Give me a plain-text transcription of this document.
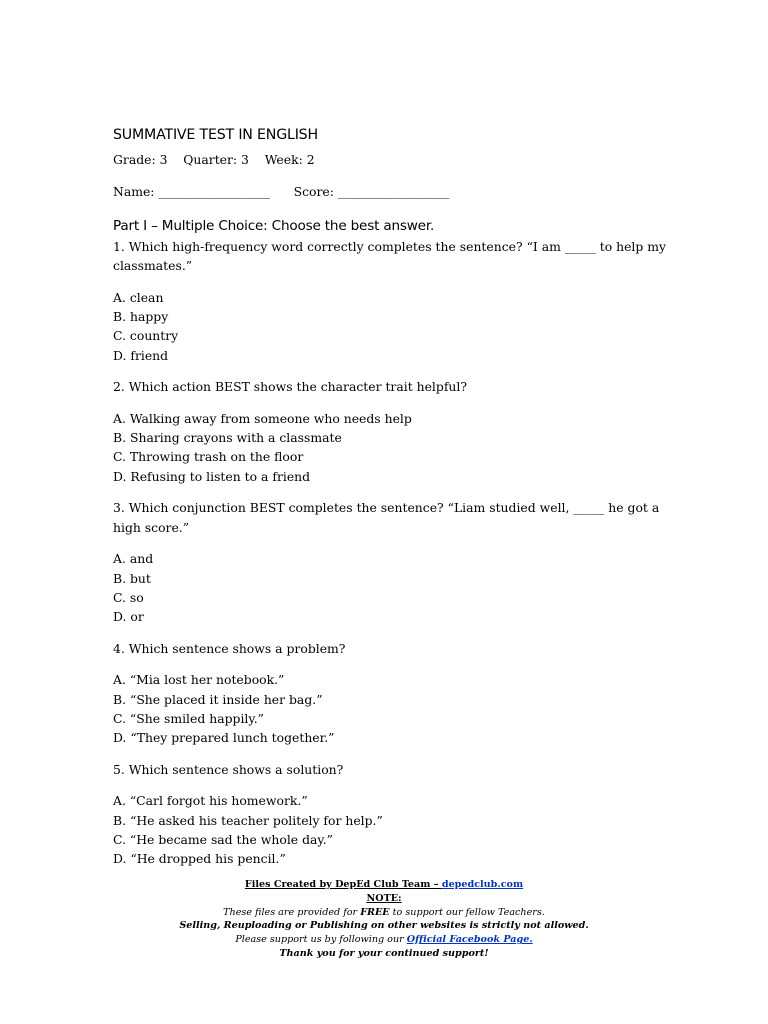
SUMMATIVE TEST IN ENGLISH
Grade: 3 Quarter: 3 Week: 2
Name: __________________ Score: __________________
Part I – Multiple Choice: Choose the best answer.

1. Which high-frequency word correctly completes the sentence? “I am _____ to help my classmates.”

A. clean
B. happy
C. country
D. friend

2. Which action BEST shows the character trait helpful?

A. Walking away from someone who needs help
B. Sharing crayons with a classmate
C. Throwing trash on the floor
D. Refusing to listen to a friend

3. Which conjunction BEST completes the sentence? “Liam studied well, _____ he got a high score.”

A. and
B. but
C. so
D. or

4. Which sentence shows a problem?

A. “Mia lost her notebook.”
B. “She placed it inside her bag.”
C. “She smiled happily.”
D. “They prepared lunch together.”

5. Which sentence shows a solution?

A. “Carl forgot his homework.”
B. “He asked his teacher politely for help.”
C. “He became sad the whole day.”
D. “He dropped his pencil.”
Files Created by DepEd Club Team – depedclub.com
NOTE:
These files are provided for FREE to support our fellow Teachers.
Selling, Reuploading or Publishing on other websites is strictly not allowed.
Please support us by following our Official Facebook Page.
Thank you for your continued support!
